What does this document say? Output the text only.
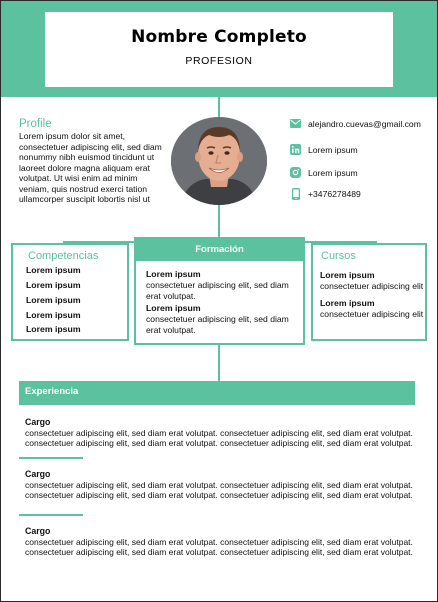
Nombre Completo
PROFESION
Profile
Lorem ipsum dolor sit amet, consectetuer adipiscing elit, sed diam nonummy nibh euismod tincidunt ut laoreet dolore magna aliquam erat volutpat. Ut wisi enim ad minim veniam, quis nostrud exerci tation ullamcorper suscipit lobortis nisl ut
alejandro.cuevas@gmail.com
Lorem ipsum
Lorem ipsum
+3476278489
Competencias
Lorem ipsum
Lorem ipsum
Lorem ipsum
Lorem ipsum
Lorem ipsum
Formación
Lorem ipsum
consectetuer adipiscing elit, sed diam erat volutpat.
Lorem ipsum
consectetuer adipiscing elit, sed diam erat volutpat.
Cursos
Lorem ipsum
consectetuer adipiscing elit
Lorem ipsum
consectetuer adipiscing elit
Experiencia
Cargo
consectetuer adipiscing elit, sed diam erat volutpat. consectetuer adipiscing elit, sed diam erat volutpat. consectetuer adipiscing elit, sed diam erat volutpat. consectetuer adipiscing elit, sed diam erat volutpat.
Cargo
consectetuer adipiscing elit, sed diam erat volutpat. consectetuer adipiscing elit, sed diam erat volutpat. consectetuer adipiscing elit, sed diam erat volutpat. consectetuer adipiscing elit, sed diam erat volutpat.
Cargo
consectetuer adipiscing elit, sed diam erat volutpat. consectetuer adipiscing elit, sed diam erat volutpat. consectetuer adipiscing elit, sed diam erat volutpat. consectetuer adipiscing elit, sed diam erat volutpat.
